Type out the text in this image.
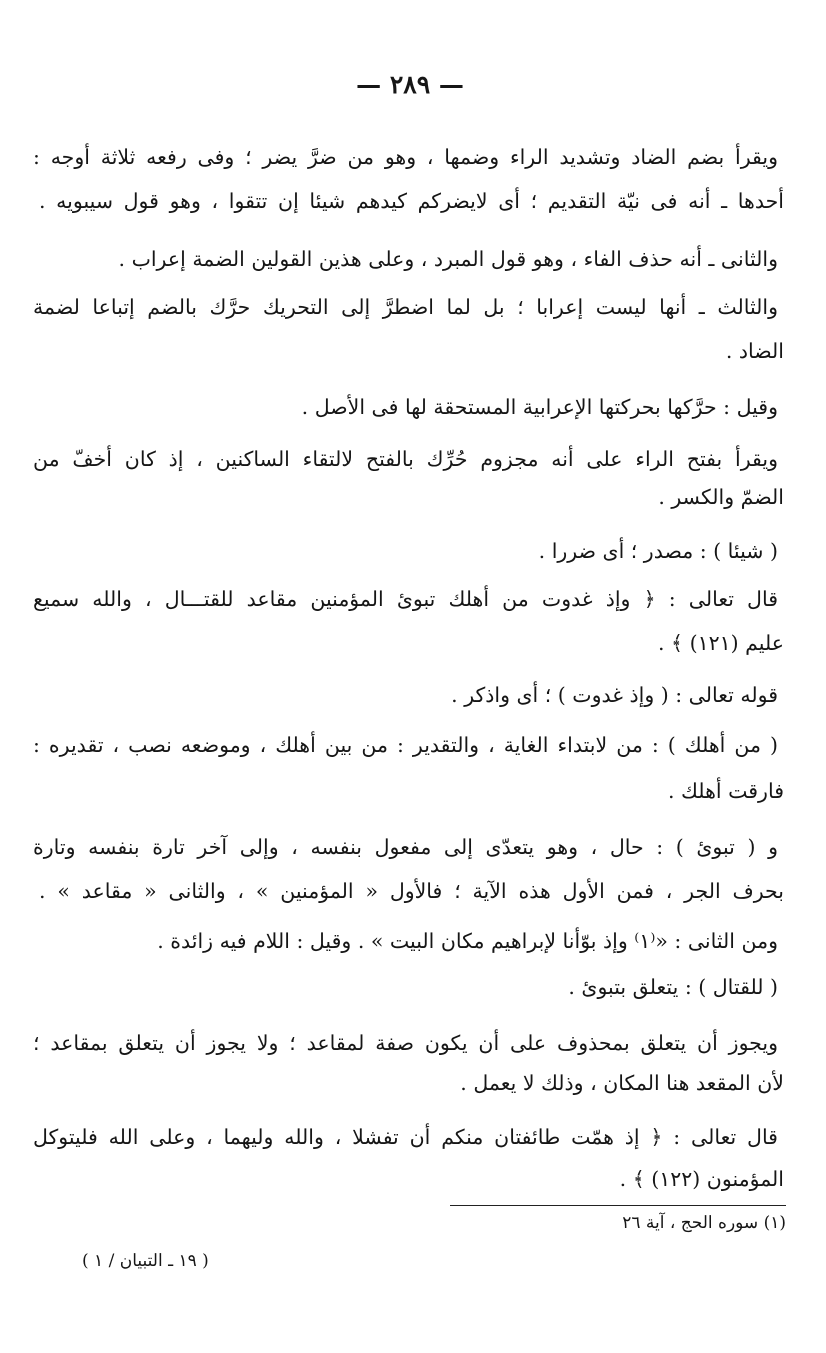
— ٢٨٩ —
ويقرأ بضم الضاد وتشديد الراء وضمها ، وهو من ضرَّ يضر ؛ وفى رفعه ثلاثة أوجه :
أحدها ـ أنه فى نيّة التقديم ؛ أى لايضركم كيدهم شيئا إن تتقوا ، وهو قول سيبويه .
والثانى ـ أنه حذف الفاء ، وهو قول المبرد ، وعلى هذين القولين الضمة إعراب .
والثالث ـ أنها ليست إعرابا ؛ بل لما اضطرَّ إلى التحريك حرَّك بالضم إتباعا لضمة
الضاد .
وقيل : حرَّكها بحركتها الإعرابية المستحقة لها فى الأصل .
ويقرأ بفتح الراء على أنه مجزوم حُرِّك بالفتح لالتقاء الساكنين ، إذ كان أخفّ من
الضمّ والكسر .
( شيئا ) : مصدر ؛ أى ضررا .
قال تعالى : ﴿ وإذ غدوت من أهلك تبوئ المؤمنين مقاعد للقتـــال ، والله سميع
عليم (١٢١) ﴾ .
قوله تعالى : ( وإذ غدوت ) ؛ أى واذكر .
( من أهلك ) : من لابتداء الغاية ، والتقدير : من بين أهلك ، وموضعه نصب ، تقديره :
فارقت أهلك .
و ( تبوئ ) : حال ، وهو يتعدّى إلى مفعول بنفسه ، وإلى آخر تارة بنفسه وتارة
بحرف الجر ، فمن الأول هذه الآية ؛ فالأول « المؤمنين » ، والثانى « مقاعد » .
ومن الثانى : «⁽١⁾ وإذ بوّأنا لإبراهيم مكان البيت » . وقيل : اللام فيه زائدة .
( للقتال ) : يتعلق بتبوئ .
ويجوز أن يتعلق بمحذوف على أن يكون صفة لمقاعد ؛ ولا يجوز أن يتعلق بمقاعد ؛
لأن المقعد هنا المكان ، وذلك لا يعمل .
قال تعالى : ﴿ إذ همّت طائفتان منكم أن تفشلا ، والله وليهما ، وعلى الله فليتوكل
المؤمنون (١٢٢) ﴾ .
(١) سوره الحج ، آية ٢٦
( ١٩ ـ التبيان / ١ )
